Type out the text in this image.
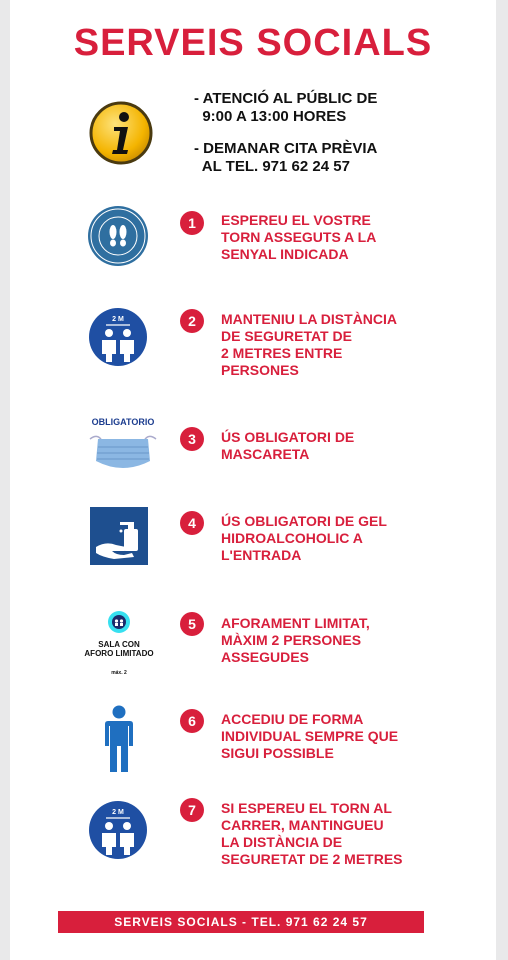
SERVEIS SOCIALS
- ATENCIÓ AL PÚBLIC DE
9:00 A 13:00 HORES
- DEMANAR CITA PRÈVIA
AL TEL. 971 62 24 57
1	ESPEREU EL VOSTRE
TORN ASSEGUTS A LA
SENYAL INDICADA
2 M	2	MANTENIU LA DISTÀNCIA
DE SEGURETAT DE
2 METRES ENTRE
PERSONES
OBLIGATORIO
3	ÚS OBLIGATORI DE
MASCARETA
4	ÚS OBLIGATORI DE GEL
HIDROALCOHOLIC A
L'ENTRADA
SALA CON
AFORO LIMITADO
máx. 2
5	AFORAMENT LIMITAT,
MÀXIM 2 PERSONES
ASSEGUDES
6	ACCEDIU DE FORMA
INDIVIDUAL SEMPRE QUE
SIGUI POSSIBLE
2 M	7	SI ESPEREU EL TORN AL
CARRER, MANTINGUEU
LA DISTÀNCIA DE
SEGURETAT DE 2 METRES
SERVEIS SOCIALS - TEL. 971 62 24 57
